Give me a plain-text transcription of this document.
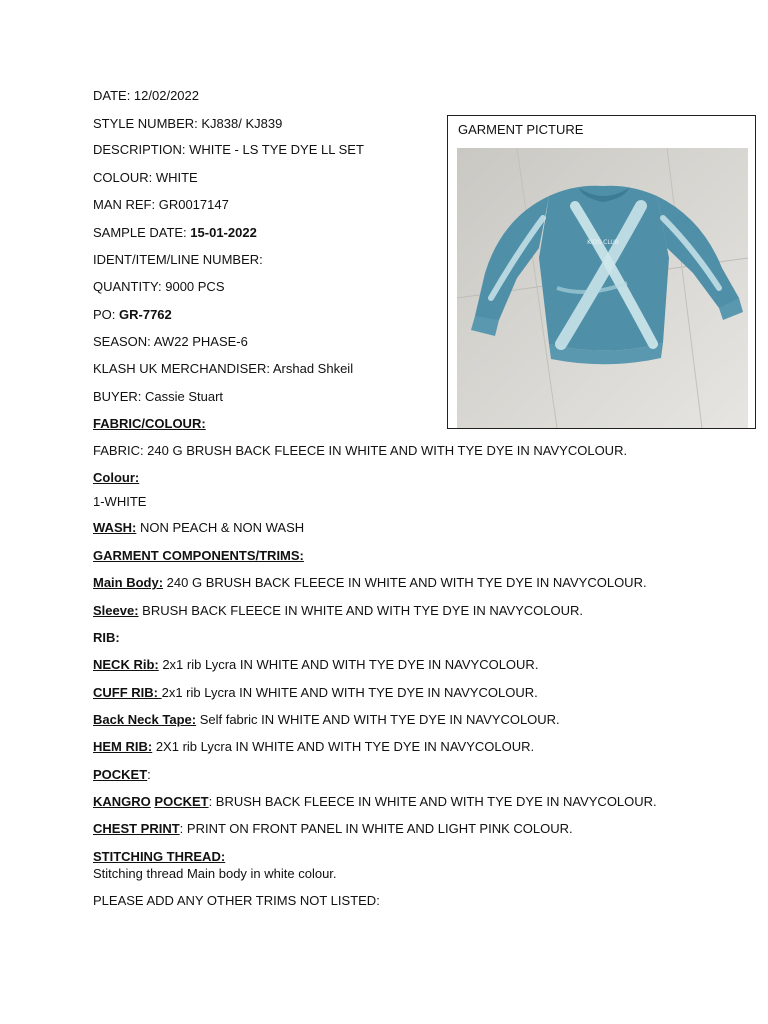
DATE: 12/02/2022
STYLE NUMBER: KJ838/ KJ839
DESCRIPTION: WHITE - LS TYE DYE LL SET
COLOUR: WHITE
MAN REF: GR0017147
SAMPLE DATE: 15-01-2022
IDENT/ITEM/LINE NUMBER:
QUANTITY: 9000 PCS
PO: GR-7762
SEASON: AW22 PHASE-6
KLASH UK MERCHANDISER: Arshad Shkeil
BUYER: Cassie Stuart
GARMENT PICTURE
KIDS CLUB
FABRIC/COLOUR:
FABRIC: 240 G BRUSH BACK FLEECE IN WHITE AND WITH TYE DYE IN NAVYCOLOUR.
Colour:
1-WHITE
WASH: NON PEACH & NON WASH
GARMENT COMPONENTS/TRIMS:
Main Body: 240 G BRUSH BACK FLEECE IN WHITE AND WITH TYE DYE IN NAVYCOLOUR.
Sleeve: BRUSH BACK FLEECE IN WHITE AND WITH TYE DYE IN NAVYCOLOUR.
RIB:
NECK Rib: 2x1 rib Lycra IN WHITE AND WITH TYE DYE IN NAVYCOLOUR.
CUFF RIB: 2x1 rib Lycra IN WHITE AND WITH TYE DYE IN NAVYCOLOUR.
Back Neck Tape: Self fabric IN WHITE AND WITH TYE DYE IN NAVYCOLOUR.
HEM RIB: 2X1 rib Lycra IN WHITE AND WITH TYE DYE IN NAVYCOLOUR.
POCKET:
KANGRO POCKET: BRUSH BACK FLEECE IN WHITE AND WITH TYE DYE IN NAVYCOLOUR.
CHEST PRINT: PRINT ON FRONT PANEL IN WHITE AND LIGHT PINK COLOUR.
STITCHING THREAD:
Stitching thread Main body in white colour.
PLEASE ADD ANY OTHER TRIMS NOT LISTED:
